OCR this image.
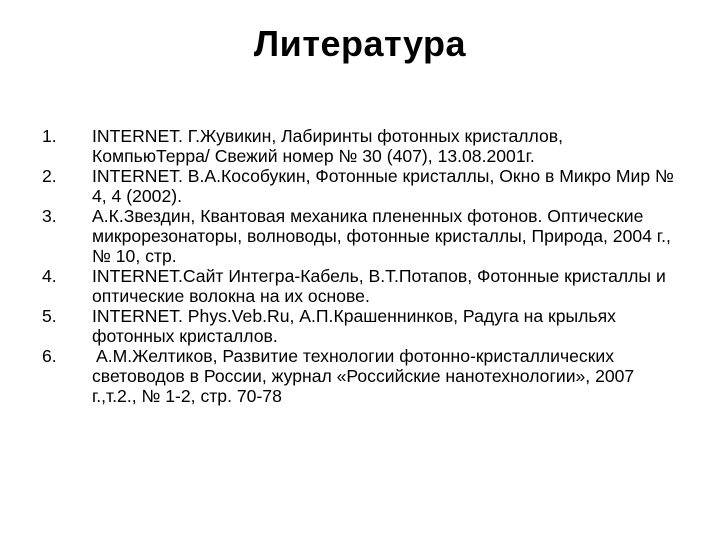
Литература
1.	INTERNET. Г.Жувикин, Лабиринты фотонных кристаллов, КомпьюТерра/ Свежий номер № 30 (407), 13.08.2001г.
2.	INTERNET. В.А.Кособукин, Фотонные кристаллы, Окно в Микро Мир № 4, 4 (2002).
3.	А.К.Звездин, Квантовая механика плененных фотонов. Оптические микрорезонаторы, волноводы, фотонные кристаллы, Природа, 2004 г., № 10, стр.
4.	INTERNET.Сайт Интегра-Кабель, В.Т.Потапов, Фотонные кристаллы и оптические волокна на их основе.
5.	INTERNET. Phys.Veb.Ru, А.П.Крашеннинков, Радуга на крыльях фотонных кристаллов.
6.	А.М.Желтиков, Развитие технологии фотонно-кристаллических световодов в России, журнал «Российские нанотехнологии», 2007 г.,т.2., № 1-2, стр. 70-78
